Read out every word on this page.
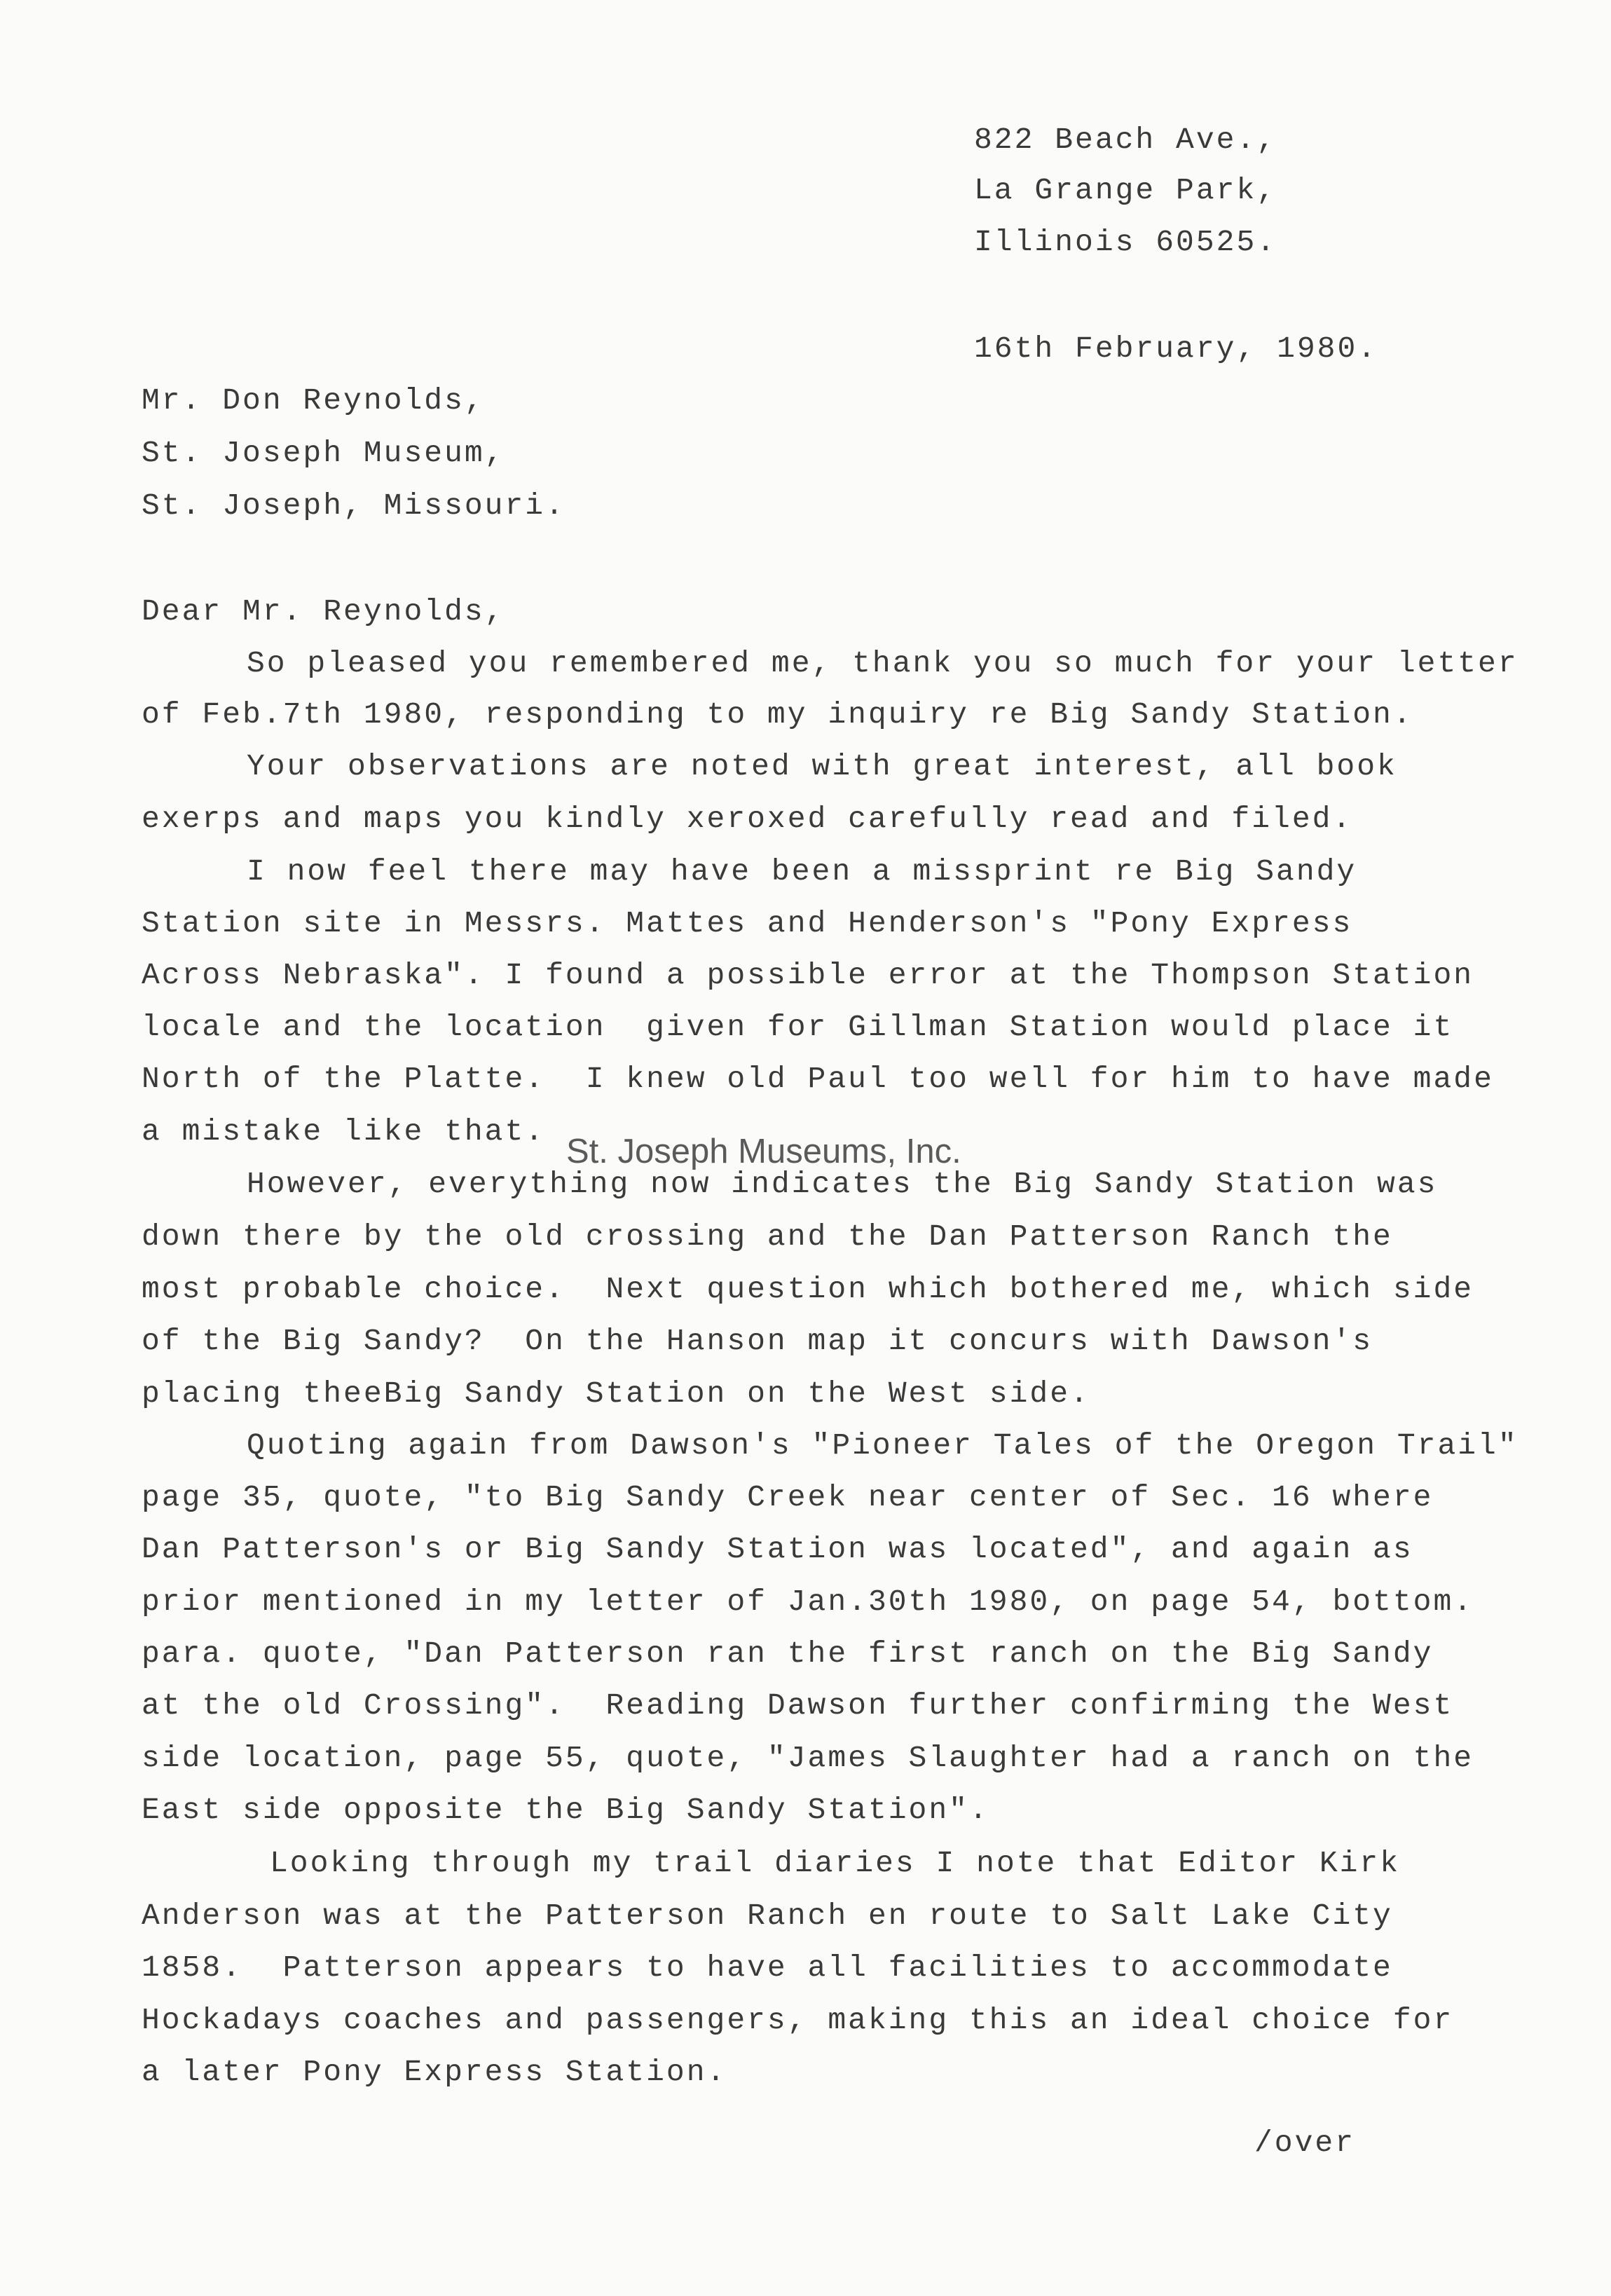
822 Beach Ave.,
La Grange Park,
Illinois 60525.
16th February, 1980.
Mr. Don Reynolds,
St. Joseph Museum,
St. Joseph, Missouri.
Dear Mr. Reynolds,
So pleased you remembered me, thank you so much for your letter
of Feb.7th 1980, responding to my inquiry re Big Sandy Station.
Your observations are noted with great interest, all book
exerps and maps you kindly xeroxed carefully read and filed.
I now feel there may have been a missprint re Big Sandy
Station site in Messrs. Mattes and Henderson's "Pony Express
Across Nebraska". I found a possible error at the Thompson Station
locale and the location  given for Gillman Station would place it
North of the Platte.  I knew old Paul too well for him to have made
a mistake like that.
However, everything now indicates the Big Sandy Station was
down there by the old crossing and the Dan Patterson Ranch the
most probable choice.  Next question which bothered me, which side
of the Big Sandy?  On the Hanson map it concurs with Dawson's
placing theeBig Sandy Station on the West side.
Quoting again from Dawson's "Pioneer Tales of the Oregon Trail"
page 35, quote, "to Big Sandy Creek near center of Sec. 16 where
Dan Patterson's or Big Sandy Station was located", and again as
prior mentioned in my letter of Jan.30th 1980, on page 54, bottom.
para. quote, "Dan Patterson ran the first ranch on the Big Sandy
at the old Crossing".  Reading Dawson further confirming the West
side location, page 55, quote, "James Slaughter had a ranch on the
East side opposite the Big Sandy Station".
Looking through my trail diaries I note that Editor Kirk
Anderson was at the Patterson Ranch en route to Salt Lake City
1858.  Patterson appears to have all facilities to accommodate
Hockadays coaches and passengers, making this an ideal choice for
a later Pony Express Station.
St. Joseph Museums, Inc.
/over
